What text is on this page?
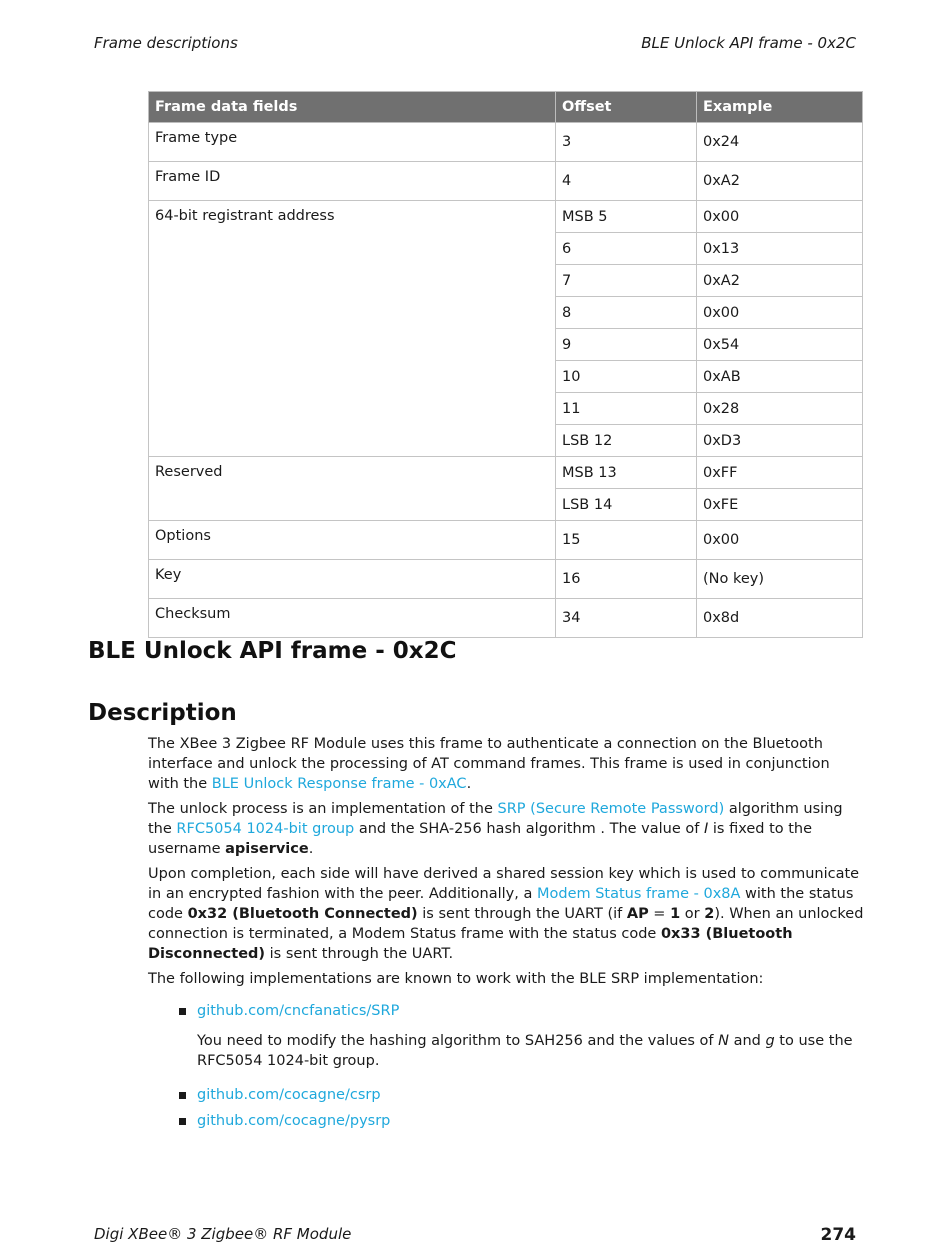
Frame descriptions	BLE Unlock API frame - 0x2C
Frame data fields	Offset	Example
Frame type	3	0x24
Frame ID	4	0xA2
64-bit registrant address	MSB 5	0x00
	6	0x13
	7	0xA2
	8	0x00
	9	0x54
	10	0xAB
	11	0x28
	LSB 12	0xD3
Reserved	MSB 13	0xFF
	LSB 14	0xFE
Options	15	0x00
Key	16	(No key)
Checksum	34	0x8d
BLE Unlock API frame - 0x2C
Description

The XBee 3 Zigbee RF Module uses this frame to authenticate a connection on the Bluetooth interface and unlock the processing of AT command frames. This frame is used in conjunction with the BLE Unlock Response frame - 0xAC.

The unlock process is an implementation of the SRP (Secure Remote Password) algorithm using the RFC5054 1024-bit group and the SHA-256 hash algorithm . The value of I is fixed to the username apiservice.

Upon completion, each side will have derived a shared session key which is used to communicate in an encrypted fashion with the peer. Additionally, a Modem Status frame - 0x8A with the status code 0x32 (Bluetooth Connected) is sent through the UART (if AP = 1 or 2). When an unlocked connection is terminated, a Modem Status frame with the status code 0x33 (Bluetooth Disconnected) is sent through the UART.

The following implementations are known to work with the BLE SRP implementation:

github.com/cncfanatics/SRP
You need to modify the hashing algorithm to SAH256 and the values of N and g to use the RFC5054 1024-bit group.
github.com/cocagne/csrp
github.com/cocagne/pysrp
Digi XBee® 3 Zigbee® RF Module	274
